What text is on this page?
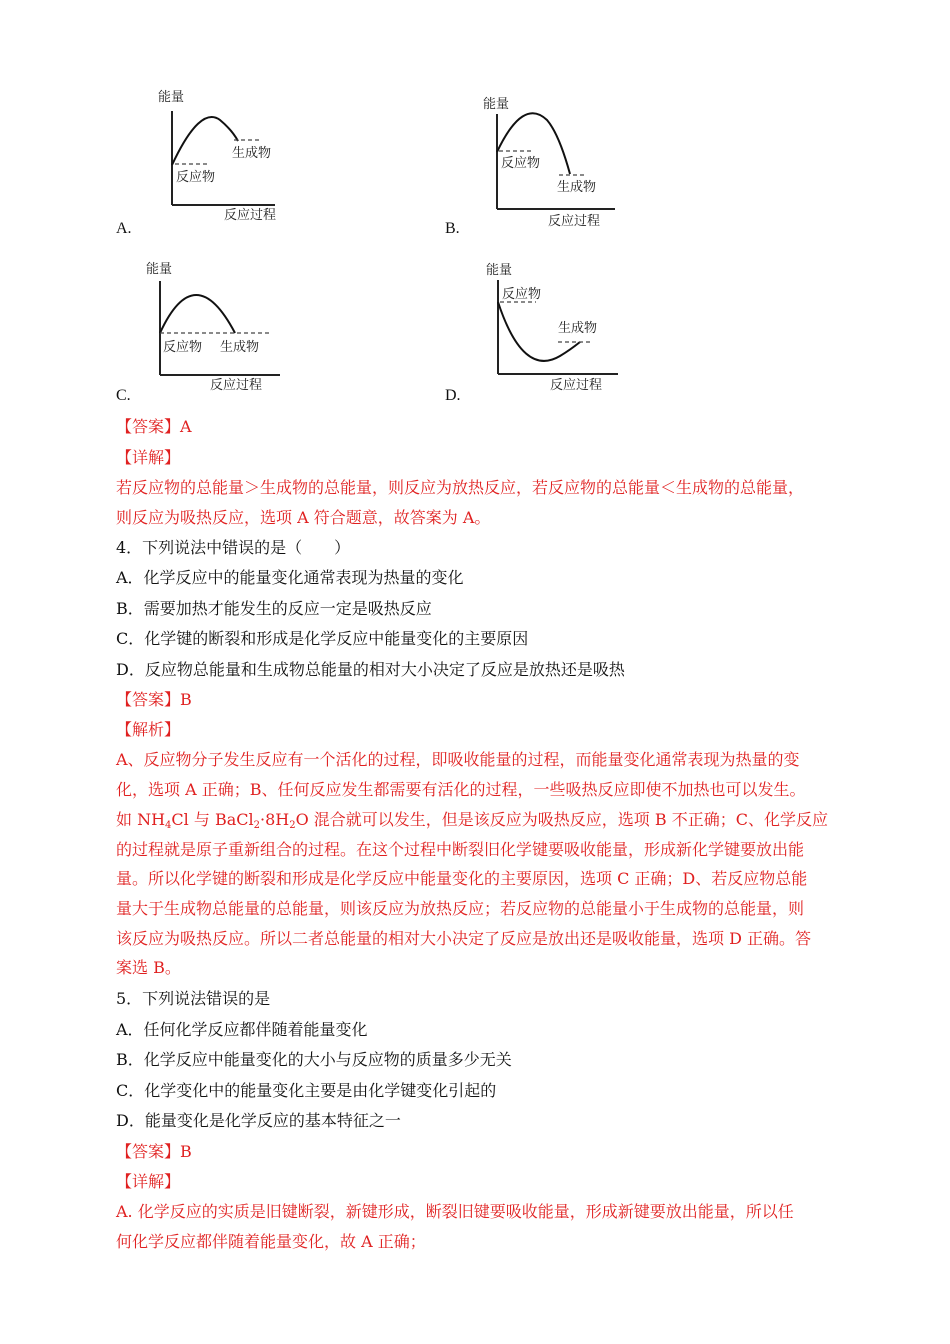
能量
反应物
生成物
反应过程
A.
能量
反应物
生成物
反应过程
B.
能量
反应物 生成物
反应过程
C.
能量
反应物
生成物
反应过程
D.
【答案】A
【详解】
若反应物的总能量＞生成物的总能量，则反应为放热反应，若反应物的总能量＜生成物的总能量，
则反应为吸热反应，选项 A 符合题意，故答案为 A。
4．下列说法中错误的是（　　）
A．化学反应中的能量变化通常表现为热量的变化
B．需要加热才能发生的反应一定是吸热反应
C．化学键的断裂和形成是化学反应中能量变化的主要原因
D．反应物总能量和生成物总能量的相对大小决定了反应是放热还是吸热
【答案】B
【解析】
A、反应物分子发生反应有一个活化的过程，即吸收能量的过程，而能量变化通常表现为热量的变
化，选项 A 正确；B、任何反应发生都需要有活化的过程，一些吸热反应即使不加热也可以发生。
如 $NH_4Cl$ 与 $BaCl_2\cdot 8H_2O$ 混合就可以发生，但是该反应为吸热反应，选项 B 不正确；C、化学反应
的过程就是原子重新组合的过程。在这个过程中断裂旧化学键要吸收能量，形成新化学键要放出能
量。所以化学键的断裂和形成是化学反应中能量变化的主要原因，选项 C 正确；D、若反应物总能
量大于生成物总能量的总能量，则该反应为放热反应；若反应物的总能量小于生成物的总能量，则
该反应为吸热反应。所以二者总能量的相对大小决定了反应是放出还是吸收能量，选项 D 正确。答
案选 B。
5．下列说法错误的是
A．任何化学反应都伴随着能量变化
B．化学反应中能量变化的大小与反应物的质量多少无关
C．化学变化中的能量变化主要是由化学键变化引起的
D．能量变化是化学反应的基本特征之一
【答案】B
【详解】
A. 化学反应的实质是旧键断裂，新键形成，断裂旧键要吸收能量，形成新键要放出能量，所以任
何化学反应都伴随着能量变化，故 A 正确；
